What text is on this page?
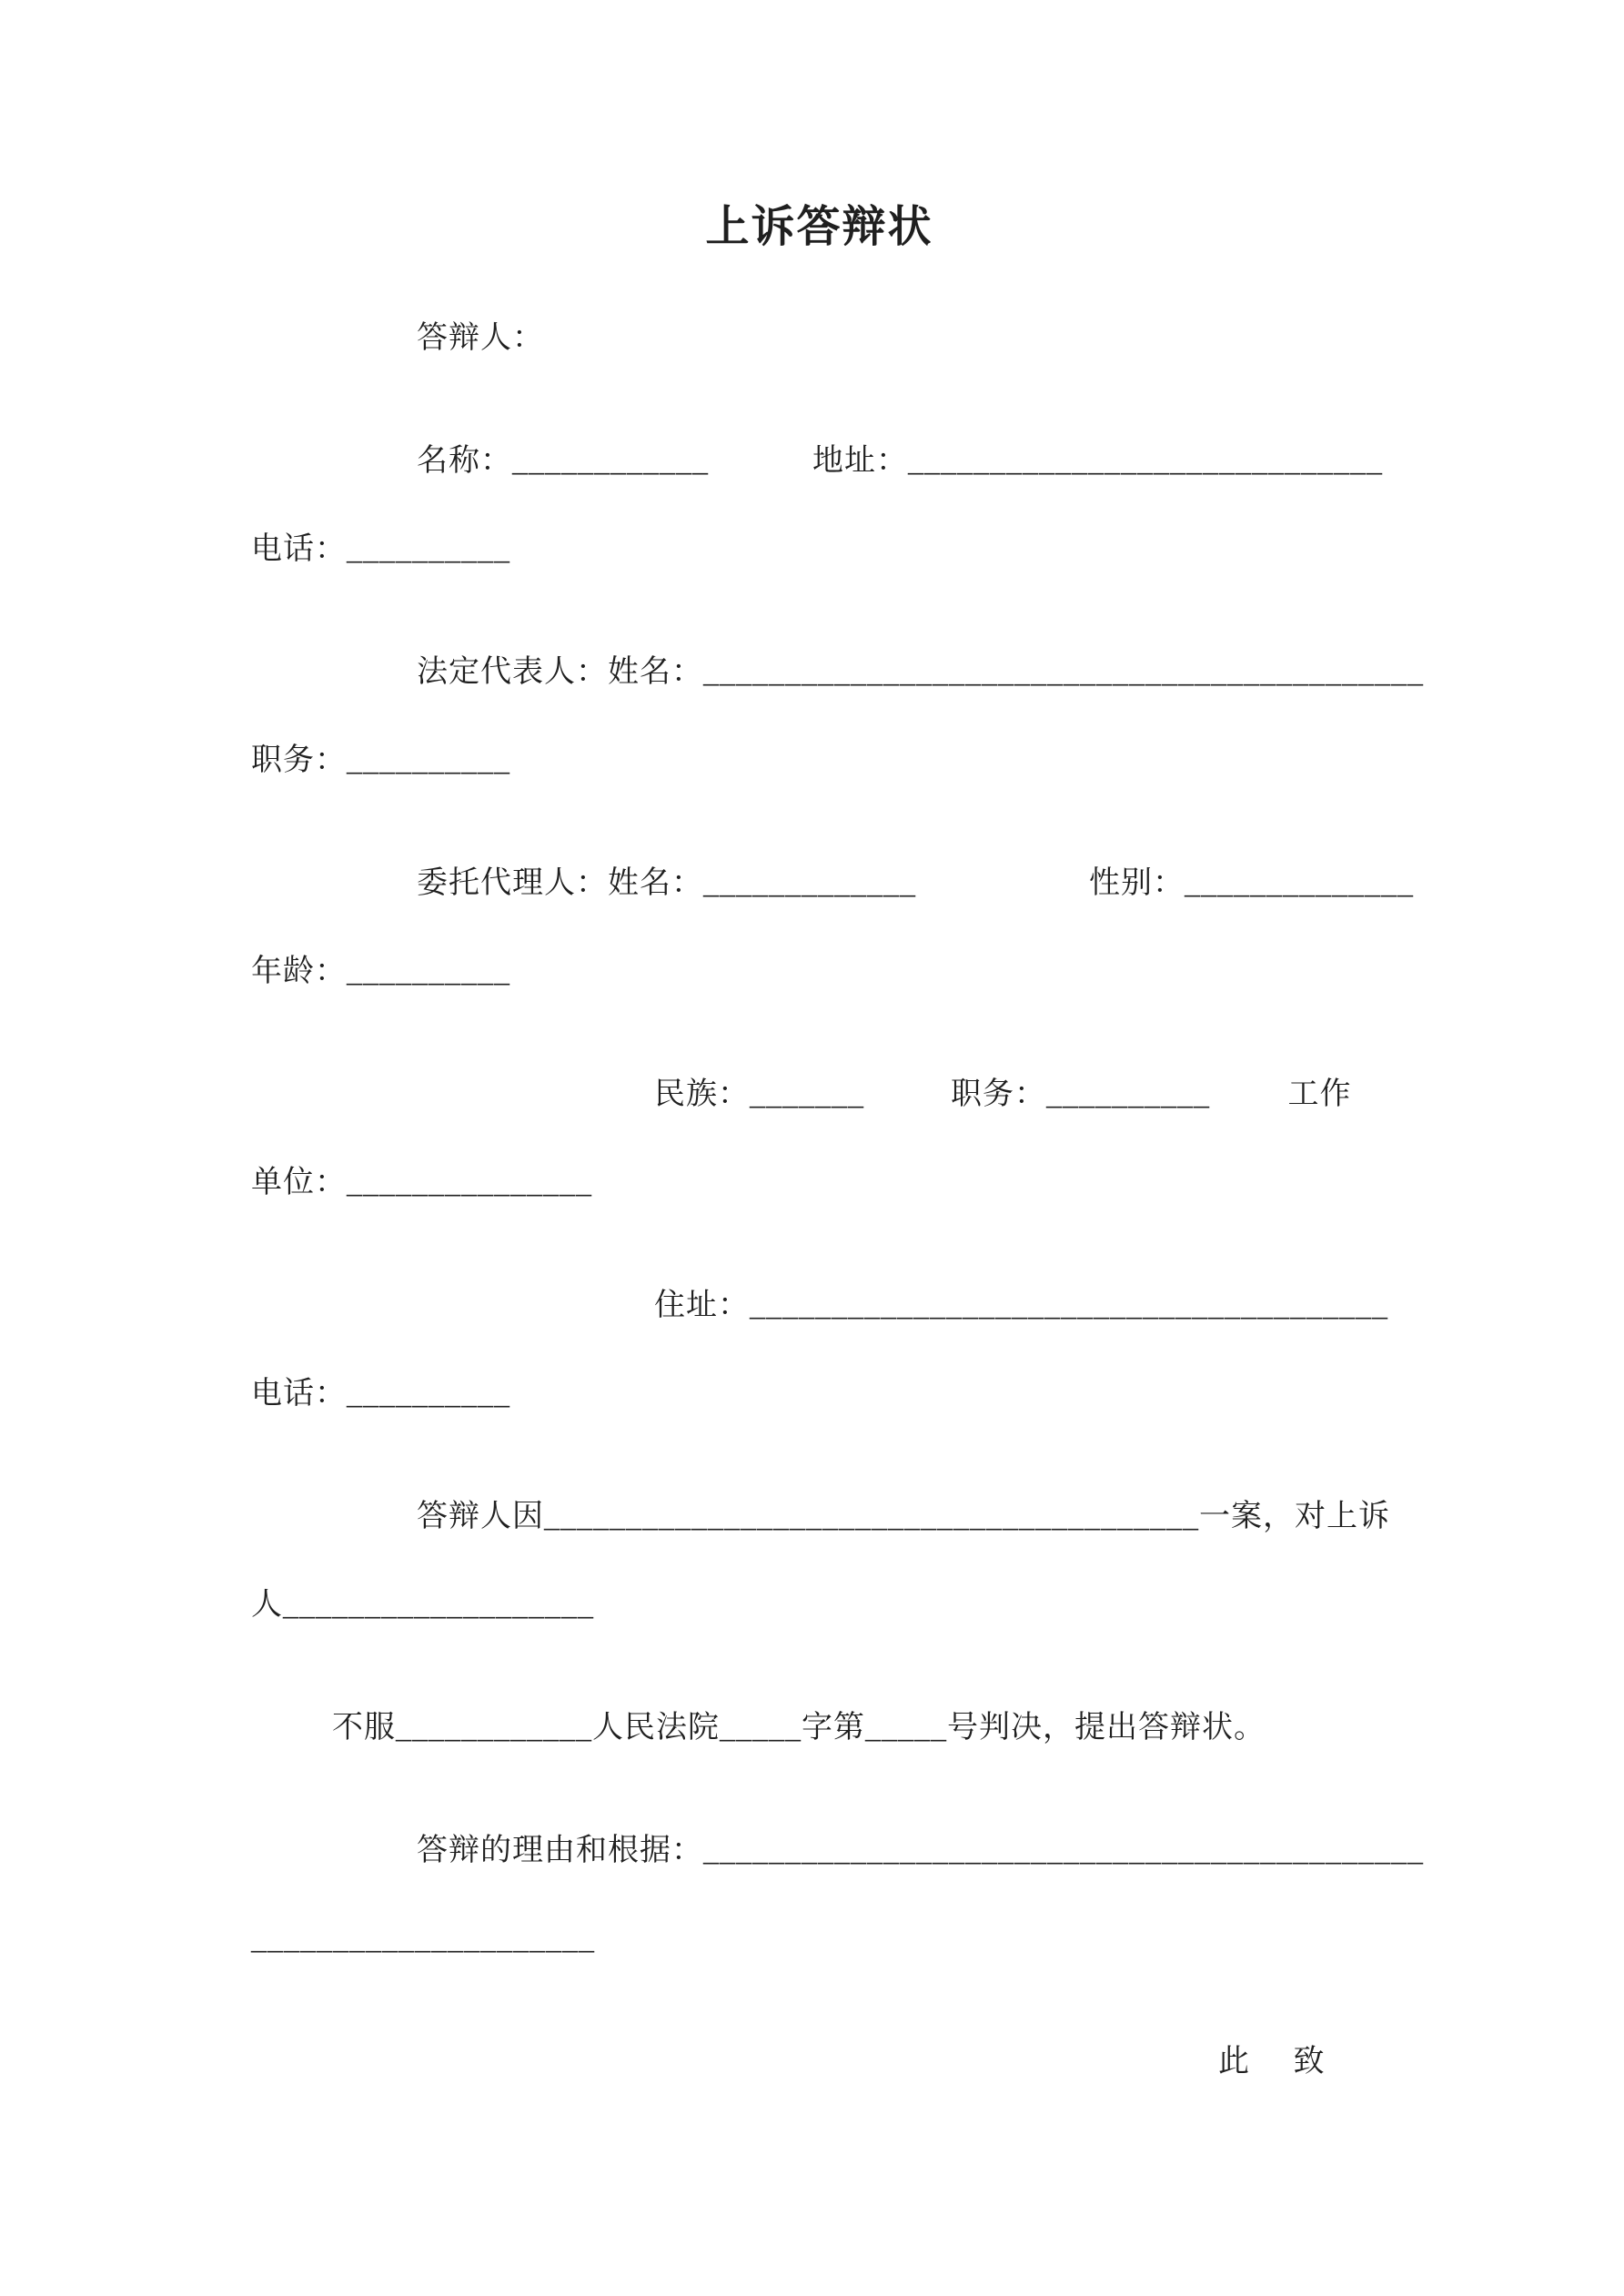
上诉答辩状
答辩人：
名称：____________            地址：_____________________________
电话：__________
法定代表人：姓名：____________________________________________
职务：__________
委托代理人：姓名：_____________                    性别：______________
年龄：__________
民族：_______          职务：__________         工作
单位：_______________
住址：_______________________________________
电话：__________
答辩人因________________________________________一案，对上诉
人___________________
不服____________人民法院_____字第_____号判决，提出答辩状。
答辩的理由和根据：____________________________________________
_____________________
此     致
